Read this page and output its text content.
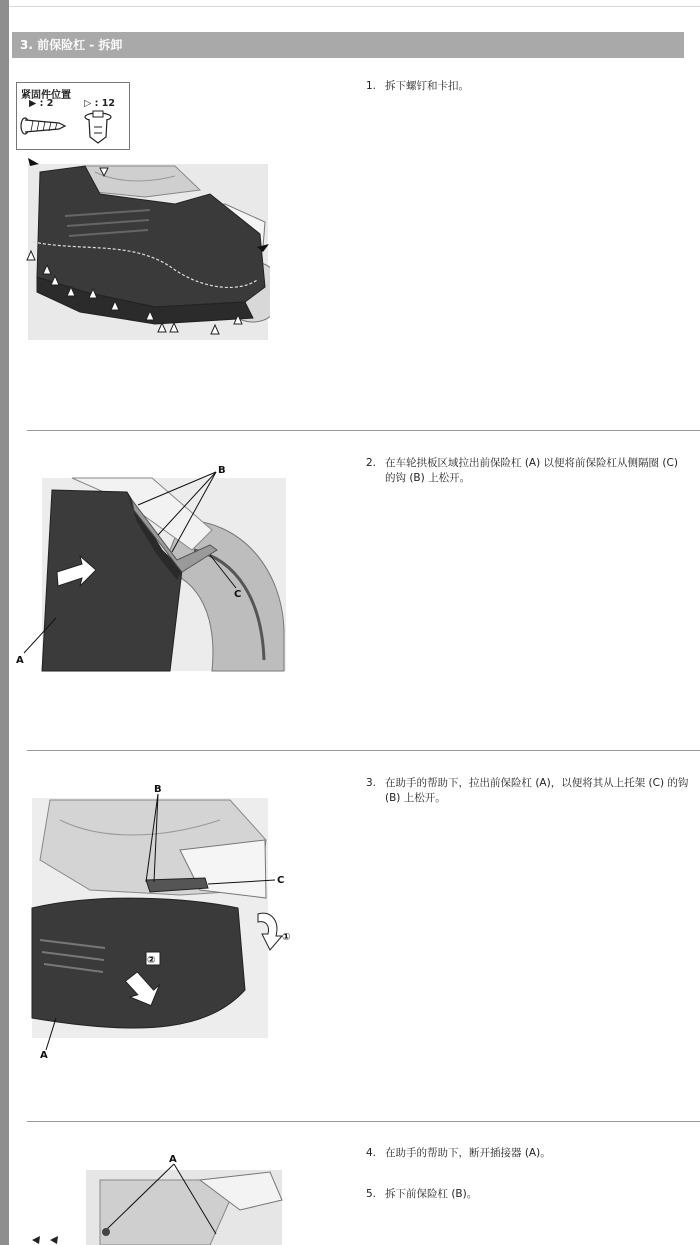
3. 前保险杠 - 拆卸
紧固件位置
▶ : 2	▷ : 12
1. 拆下螺钉和卡扣。
B
C
A
2. 在车轮拱板区域拉出前保险杠 (A) 以便将前保险杠从侧隔圈 (C) 的钩 (B) 上松开。
B
C
A
①
②
3. 在助手的帮助下，拉出前保险杠 (A)，以便将其从上托架 (C) 的钩 (B) 上松开。
A
4. 在助手的帮助下，断开插接器 (A)。
5. 拆下前保险杠 (B)。
